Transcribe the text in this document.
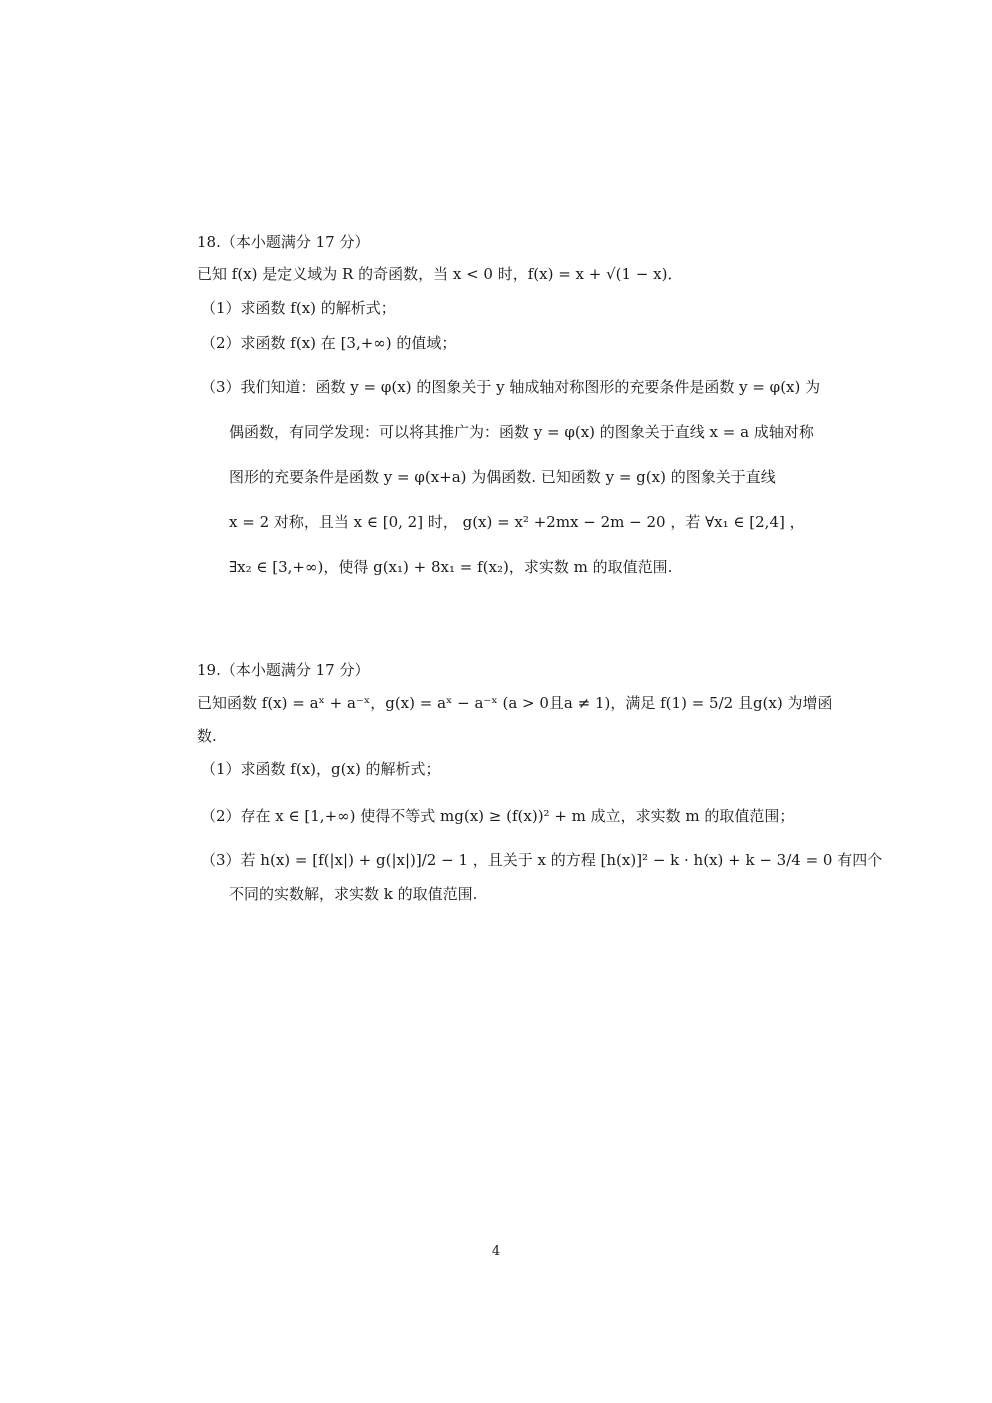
18.（本小题满分 17 分）
已知 f(x) 是定义域为 R 的奇函数，当 x < 0 时，f(x) = x + √(1 − x)．
（1）求函数 f(x) 的解析式；
（2）求函数 f(x) 在 [3,+∞) 的值域；
（3）我们知道：函数 y = φ(x) 的图象关于 y 轴成轴对称图形的充要条件是函数 y = φ(x) 为
偶函数，有同学发现：可以将其推广为：函数 y = φ(x) 的图象关于直线 x = a 成轴对称
图形的充要条件是函数 y = φ(x+a) 为偶函数. 已知函数 y = g(x) 的图象关于直线
x = 2 对称，且当 x ∈ [0, 2] 时， g(x) = x² +2mx − 2m − 20 ，若 ∀x₁ ∈ [2,4] ，
∃x₂ ∈ [3,+∞)，使得 g(x₁) + 8x₁ = f(x₂)，求实数 m 的取值范围.
19.（本小题满分 17 分）
已知函数 f(x) = aˣ + a⁻ˣ，g(x) = aˣ − a⁻ˣ (a > 0且a ≠ 1)，满足 f(1) = 5/2 且g(x) 为增函
数.
（1）求函数 f(x)，g(x) 的解析式；
（2）存在 x ∈ [1,+∞) 使得不等式 mg(x) ≥ (f(x))² + m 成立，求实数 m 的取值范围；
（3）若 h(x) = [f(|x|) + g(|x|)]/2 − 1 ，且关于 x 的方程 [h(x)]² − k · h(x) + k − 3/4 = 0 有四个
不同的实数解，求实数 k 的取值范围.
4
